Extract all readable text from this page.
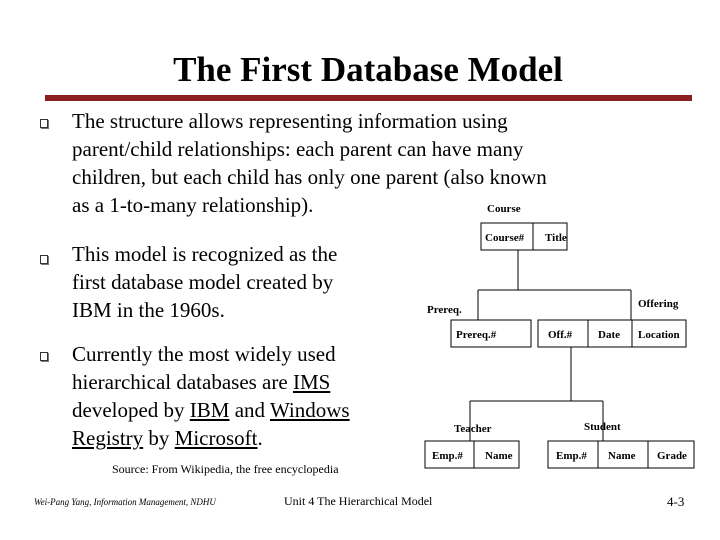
The First Database Model
The structure allows representing information using
parent/child relationships: each parent can have many
children, but each child has only one parent (also known
as a 1-to-many relationship).
This model is recognized as the
first database model created by
IBM in the 1960s.
Currently the most widely used
hierarchical databases are IMS
developed by IBM and Windows
Registry by Microsoft.
Course
Course# Title
Prereq.
Prereq.#
Offering
Off.# Date Location
Teacher
Emp.# Name
Student
Emp.# Name Grade
Source: From Wikipedia, the free encyclopedia
Wei-Pang Yang, Information Management, NDHU	Unit 4 The Hierarchical Model	4-3
